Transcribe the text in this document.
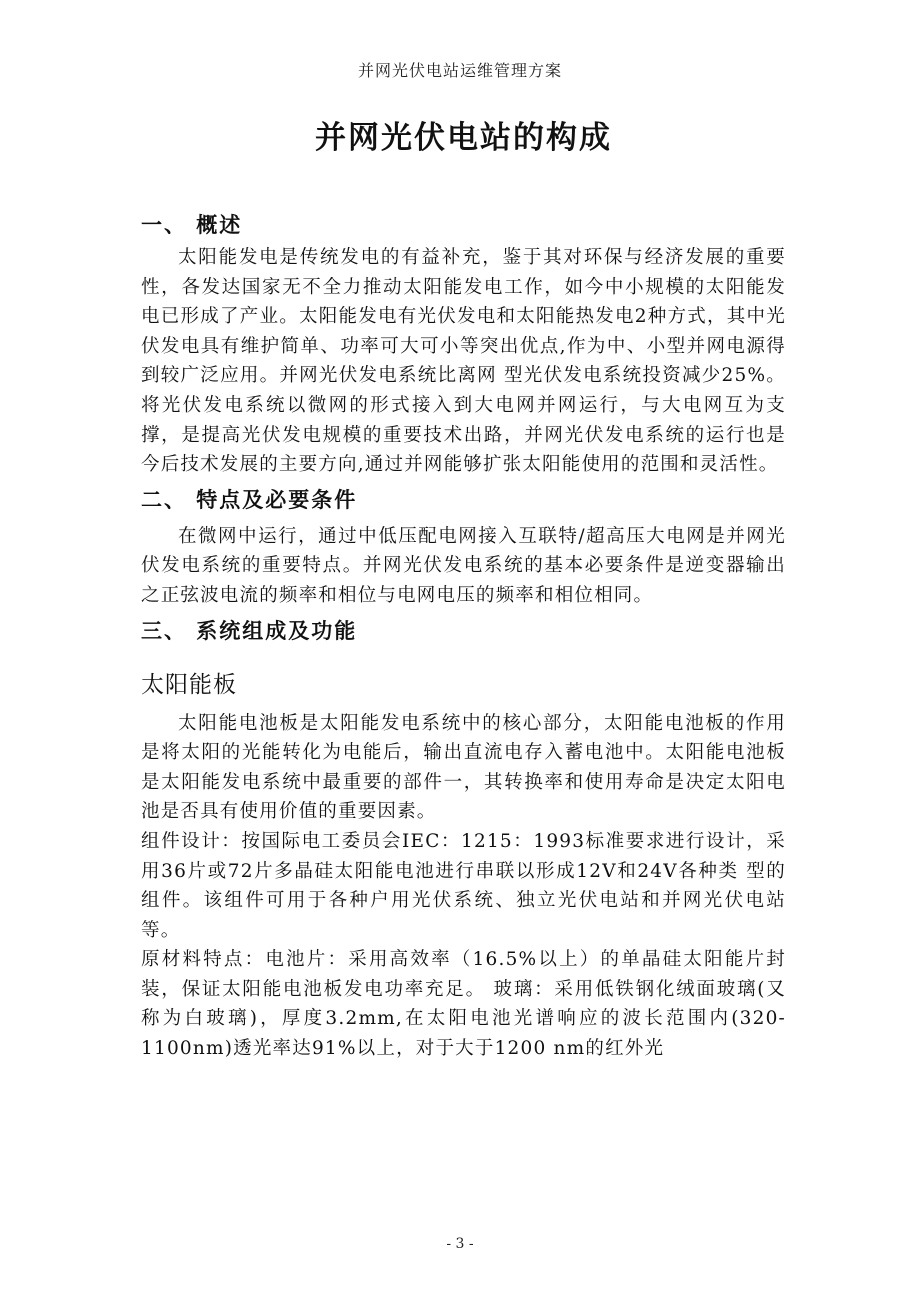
并网光伏电站运维管理方案
并网光伏电站的构成
一、 概述

太阳能发电是传统发电的有益补充，鉴于其对环保与经济发展的重要性，各发达国家无不全力推动太阳能发电工作，如今中小规模的太阳能发电已形成了产业。太阳能发电有光伏发电和太阳能热发电2种方式，其中光伏发电具有维护简单、功率可大可小等突出优点,作为中、小型并网电源得到较广泛应用。并网光伏发电系统比离网 型光伏发电系统投资减少25%。将光伏发电系统以微网的形式接入到大电网并网运行，与大电网互为支撑，是提高光伏发电规模的重要技术出路，并网光伏发电系统的运行也是今后技术发展的主要方向,通过并网能够扩张太阳能使用的范围和灵活性。

二、 特点及必要条件

在微网中运行，通过中低压配电网接入互联特/超高压大电网是并网光伏发电系统的重要特点。并网光伏发电系统的基本必要条件是逆变器输出之正弦波电流的频率和相位与电网电压的频率和相位相同。

三、 系统组成及功能
太阳能板

太阳能电池板是太阳能发电系统中的核心部分，太阳能电池板的作用是将太阳的光能转化为电能后，输出直流电存入蓄电池中。太阳能电池板是太阳能发电系统中最重要的部件一，其转换率和使用寿命是决定太阳电池是否具有使用价值的重要因素。

组件设计：按国际电工委员会IEC：1215：1993标准要求进行设计，采用36片或72片多晶硅太阳能电池进行串联以形成12V和24V各种类 型的组件。该组件可用于各种户用光伏系统、独立光伏电站和并网光伏电站等。

原材料特点：电池片：采用高效率（16.5%以上）的单晶硅太阳能片封装，保证太阳能电池板发电功率充足。 玻璃：采用低铁钢化绒面玻璃(又称为白玻璃)，厚度3.2mm,在太阳电池光谱响应的波长范围内(320-1100nm)透光率达91%以上，对于大于1200 nm的红外光

- 3 -
